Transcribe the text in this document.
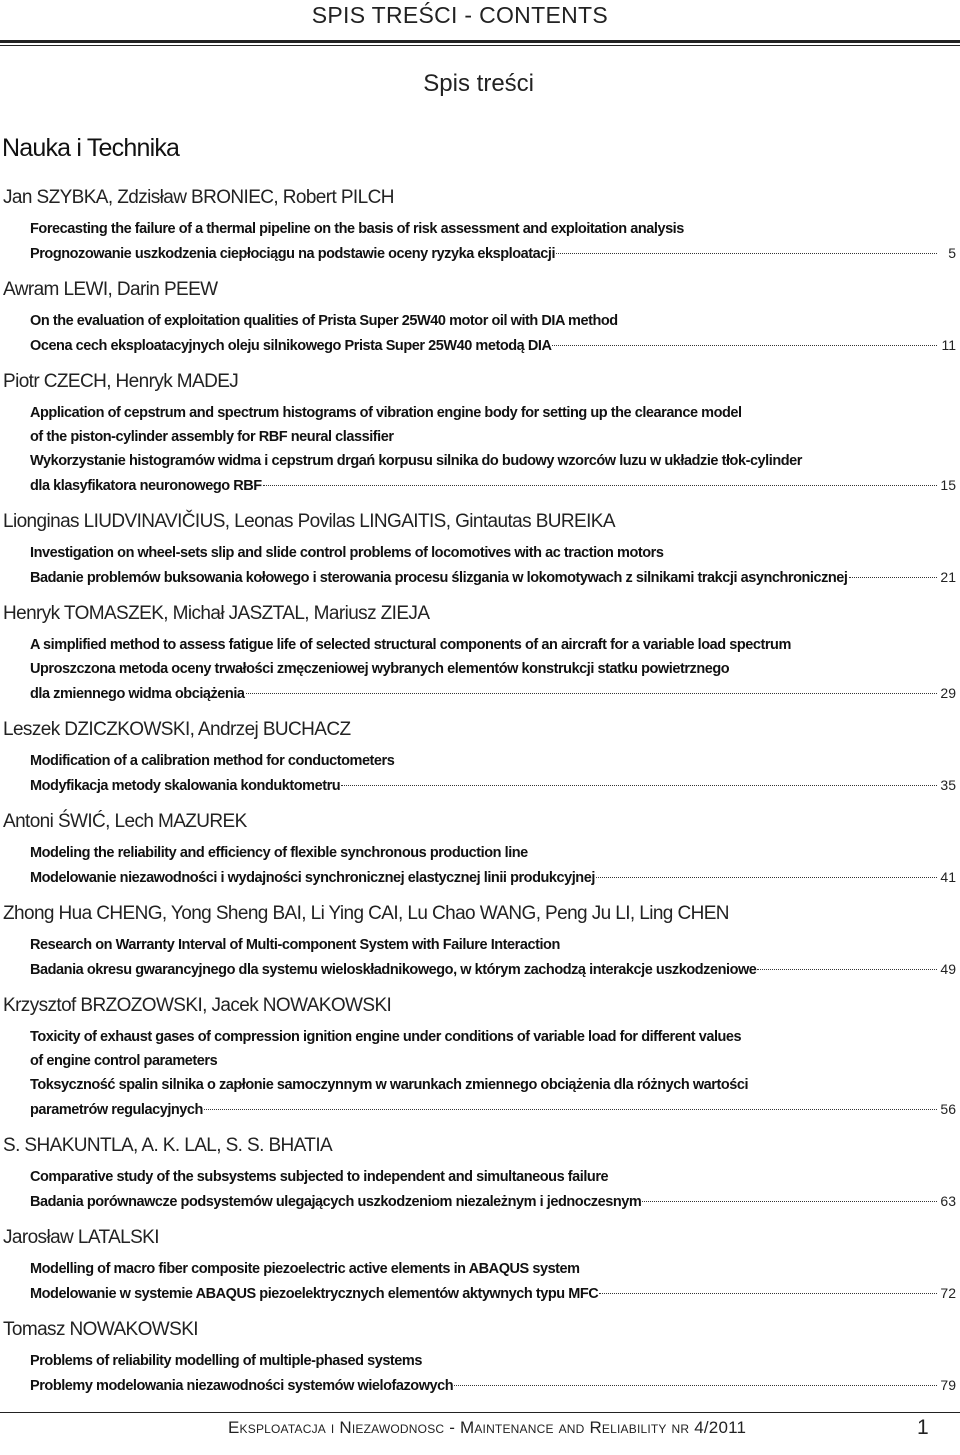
SPIS TREŚCI - CONTENTS
Spis treści
Nauka i Technika
Jan SZYBKA, Zdzisław BRONIEC, Robert PILCH
Forecasting the failure of a thermal pipeline on the basis of risk assessment and exploitation analysis
Prognozowanie uszkodzenia ciepłociągu na podstawie oceny ryzyka eksploatacji	5
Awram LEWI, Darin PEEW
On the evaluation of exploitation qualities of Prista Super 25W40 motor oil with DIA method
Ocena cech eksploatacyjnych oleju silnikowego Prista Super 25W40 metodą DIA	11
Piotr CZECH, Henryk MADEJ
Application of cepstrum and spectrum histograms of vibration engine body for setting up the clearance model
of the piston-cylinder assembly for RBF neural classifier
Wykorzystanie histogramów widma i cepstrum drgań korpusu silnika do budowy wzorców luzu w układzie tłok-cylinder
dla klasyfikatora neuronowego RBF	15
Lionginas LIUDVINAVIČIUS, Leonas Povilas LINGAITIS, Gintautas BUREIKA
Investigation on wheel-sets slip and slide control problems of locomotives with ac traction motors
Badanie problemów buksowania kołowego i sterowania procesu ślizgania w lokomotywach z silnikami trakcji asynchronicznej	21
Henryk TOMASZEK, Michał JASZTAL, Mariusz ZIEJA
A simplified method to assess fatigue life of selected structural components of an aircraft for a variable load spectrum
Uproszczona metoda oceny trwałości zmęczeniowej wybranych elementów konstrukcji statku powietrznego
dla zmiennego widma obciążenia	29
Leszek DZICZKOWSKI, Andrzej BUCHACZ
Modification of a calibration method for conductometers
Modyfikacja metody skalowania konduktometru	35
Antoni ŚWIĆ, Lech MAZUREK
Modeling the reliability and efficiency of flexible synchronous production line
Modelowanie niezawodności i wydajności synchronicznej elastycznej linii produkcyjnej	41
Zhong Hua CHENG, Yong Sheng BAI, Li Ying CAI, Lu Chao WANG, Peng Ju LI, Ling CHEN
Research on Warranty Interval of Multi-component System with Failure Interaction
Badania okresu gwarancyjnego dla systemu wieloskładnikowego, w którym zachodzą interakcje uszkodzeniowe	49
Krzysztof BRZOZOWSKI, Jacek NOWAKOWSKI
Toxicity of exhaust gases of compression ignition engine under conditions of variable load for different values
of engine control parameters
Toksyczność spalin silnika o zapłonie samoczynnym w warunkach zmiennego obciążenia dla różnych wartości
parametrów regulacyjnych	56
S. SHAKUNTLA, A. K. LAL, S. S. BHATIA
Comparative study of the subsystems subjected to independent and simultaneous failure
Badania porównawcze podsystemów ulegających uszkodzeniom niezależnym i jednoczesnym	63
Jarosław LATALSKI
Modelling of macro fiber composite piezoelectric active elements in ABAQUS system
Modelowanie w systemie ABAQUS piezoelektrycznych elementów aktywnych typu MFC	72
Tomasz NOWAKOWSKI
Problems of reliability modelling of multiple-phased systems
Problemy modelowania niezawodności systemów wielofazowych	79
Eksploatacja i Niezawodnosc - Maintenance and Reliability nr 4/2011	1
